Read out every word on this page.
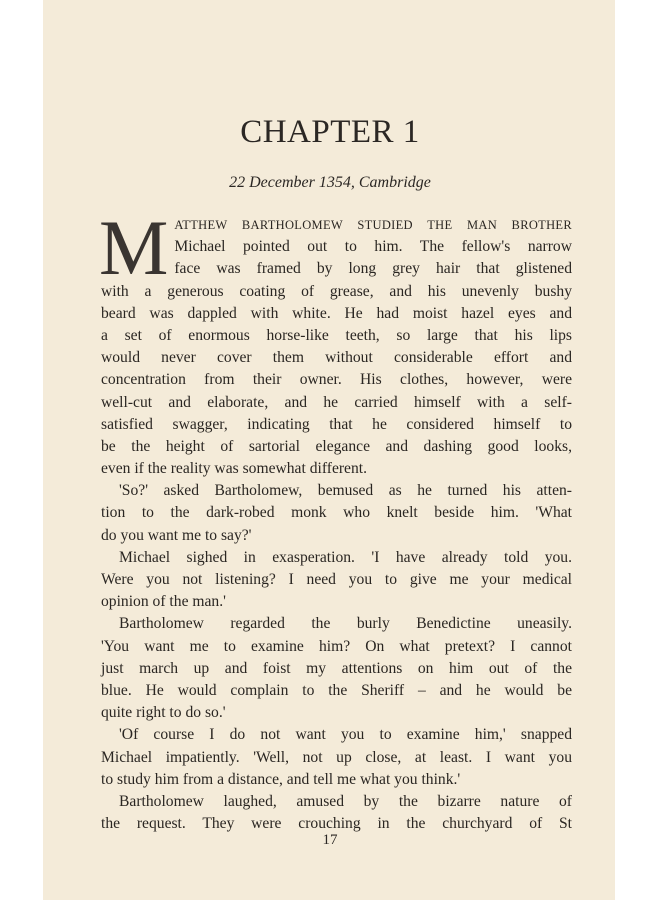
CHAPTER 1
22 December 1354, Cambridge
M ATTHEW BARTHOLOMEW STUDIED THE MAN BROTHER
Michael pointed out to him. The fellow's narrow
face was framed by long grey hair that glistened
with a generous coating of grease, and his unevenly bushy
beard was dappled with white. He had moist hazel eyes and
a set of enormous horse-like teeth, so large that his lips
would never cover them without considerable effort and
concentration from their owner. His clothes, however, were
well-cut and elaborate, and he carried himself with a self-
satisfied swagger, indicating that he considered himself to
be the height of sartorial elegance and dashing good looks,
even if the reality was somewhat different.
'So?' asked Bartholomew, bemused as he turned his atten-
tion to the dark-robed monk who knelt beside him. 'What
do you want me to say?'
Michael sighed in exasperation. 'I have already told you.
Were you not listening? I need you to give me your medical
opinion of the man.'
Bartholomew regarded the burly Benedictine uneasily.
'You want me to examine him? On what pretext? I cannot
just march up and foist my attentions on him out of the
blue. He would complain to the Sheriff – and he would be
quite right to do so.'
'Of course I do not want you to examine him,' snapped
Michael impatiently. 'Well, not up close, at least. I want you
to study him from a distance, and tell me what you think.'
Bartholomew laughed, amused by the bizarre nature of
the request. They were crouching in the churchyard of St
17
